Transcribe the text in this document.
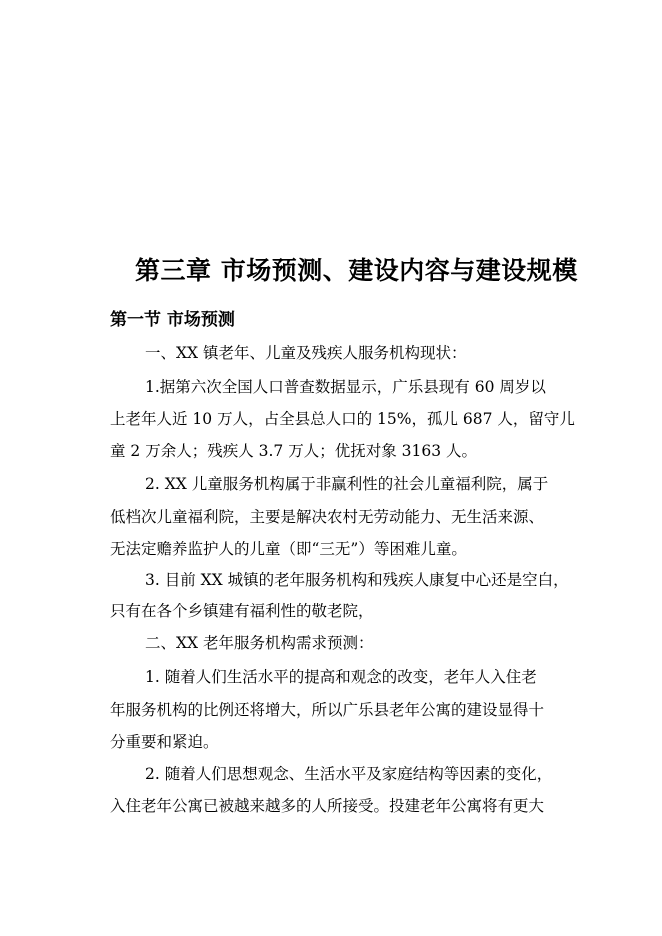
第三章 市场预测、建设内容与建设规模
第一节 市场预测
一、XX 镇老年、儿童及残疾人服务机构现状：
1.据第六次全国人口普查数据显示，广乐县现有 60 周岁以
上老年人近 10 万人，占全县总人口的 15%，孤儿 687 人，留守儿
童 2 万余人；残疾人 3.7 万人；优抚对象 3163 人。
2. XX 儿童服务机构属于非赢利性的社会儿童福利院，属于
低档次儿童福利院，主要是解决农村无劳动能力、无生活来源、
无法定赡养监护人的儿童（即“三无”）等困难儿童。
3. 目前 XX 城镇的老年服务机构和残疾人康复中心还是空白，
只有在各个乡镇建有福利性的敬老院，
二、XX 老年服务机构需求预测：
1. 随着人们生活水平的提高和观念的改变，老年人入住老
年服务机构的比例还将增大，所以广乐县老年公寓的建设显得十
分重要和紧迫。
2. 随着人们思想观念、生活水平及家庭结构等因素的变化，
入住老年公寓已被越来越多的人所接受。投建老年公寓将有更大
